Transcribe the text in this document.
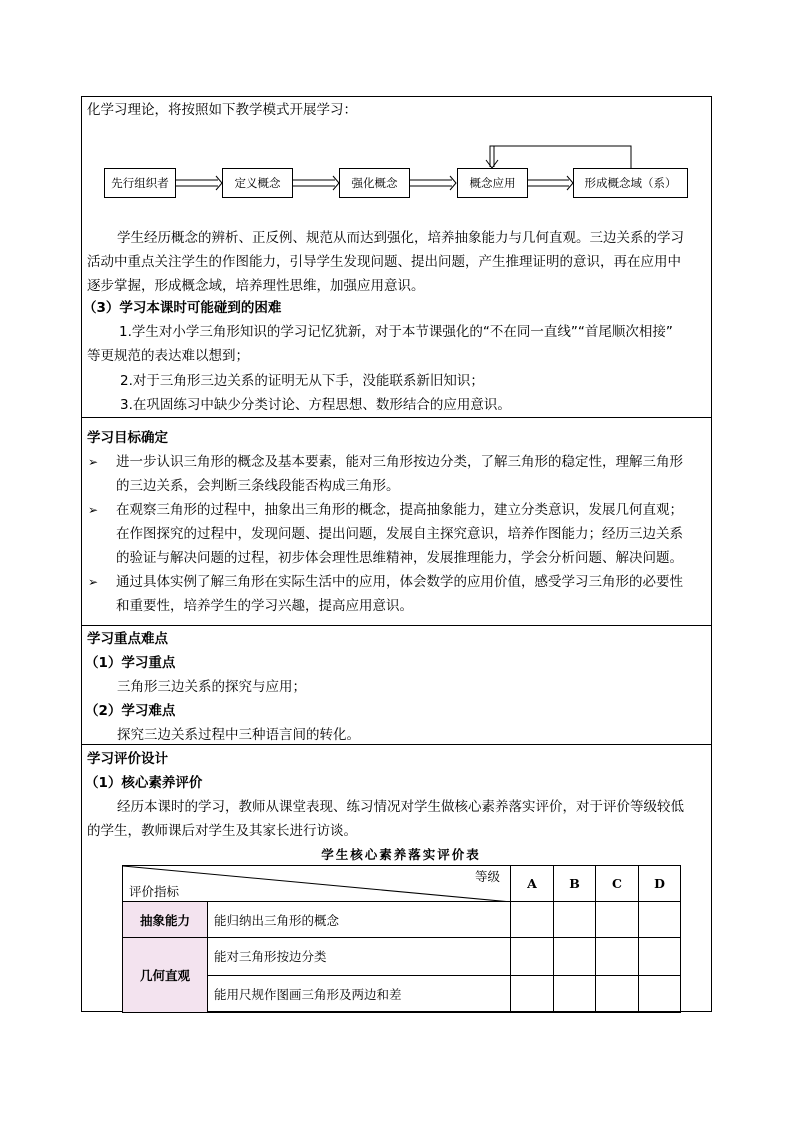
化学习理论，将按照如下教学模式开展学习：
先行组织者	定义概念	强化概念	概念应用	形成概念域（系）
学生经历概念的辨析、正反例、规范从而达到强化，培养抽象能力与几何直观。三边关系的学习
活动中重点关注学生的作图能力，引导学生发现问题、提出问题，产生推理证明的意识，再在应用中
逐步掌握，形成概念域，培养理性思维，加强应用意识。
（3）学习本课时可能碰到的困难
1.学生对小学三角形知识的学习记忆犹新，对于本节课强化的“不在同一直线”“首尾顺次相接”
等更规范的表达难以想到；
2.对于三角形三边关系的证明无从下手，没能联系新旧知识；
3.在巩固练习中缺少分类讨论、方程思想、数形结合的应用意识。
学习目标确定
➢ 进一步认识三角形的概念及基本要素，能对三角形按边分类，了解三角形的稳定性，理解三角形
的三边关系，会判断三条线段能否构成三角形。
➢ 在观察三角形的过程中，抽象出三角形的概念，提高抽象能力，建立分类意识，发展几何直观；
在作图探究的过程中，发现问题、提出问题，发展自主探究意识，培养作图能力；经历三边关系
的验证与解决问题的过程，初步体会理性思维精神，发展推理能力，学会分析问题、解决问题。
➢ 通过具体实例了解三角形在实际生活中的应用，体会数学的应用价值，感受学习三角形的必要性
和重要性，培养学生的学习兴趣，提高应用意识。
学习重点难点
（1）学习重点
三角形三边关系的探究与应用；
（2）学习难点
探究三边关系过程中三种语言间的转化。
学习评价设计
（1）核心素养评价
经历本课时的学习，教师从课堂表现、练习情况对学生做核心素养落实评价，对于评价等级较低
的学生，教师课后对学生及其家长进行访谈。
学生核心素养落实评价表
等级
评价指标		A	B	C	D
抽象能力	能归纳出三角形的概念				
几何直观	能对三角形按边分类				
	能用尺规作图画三角形及两边和差				
